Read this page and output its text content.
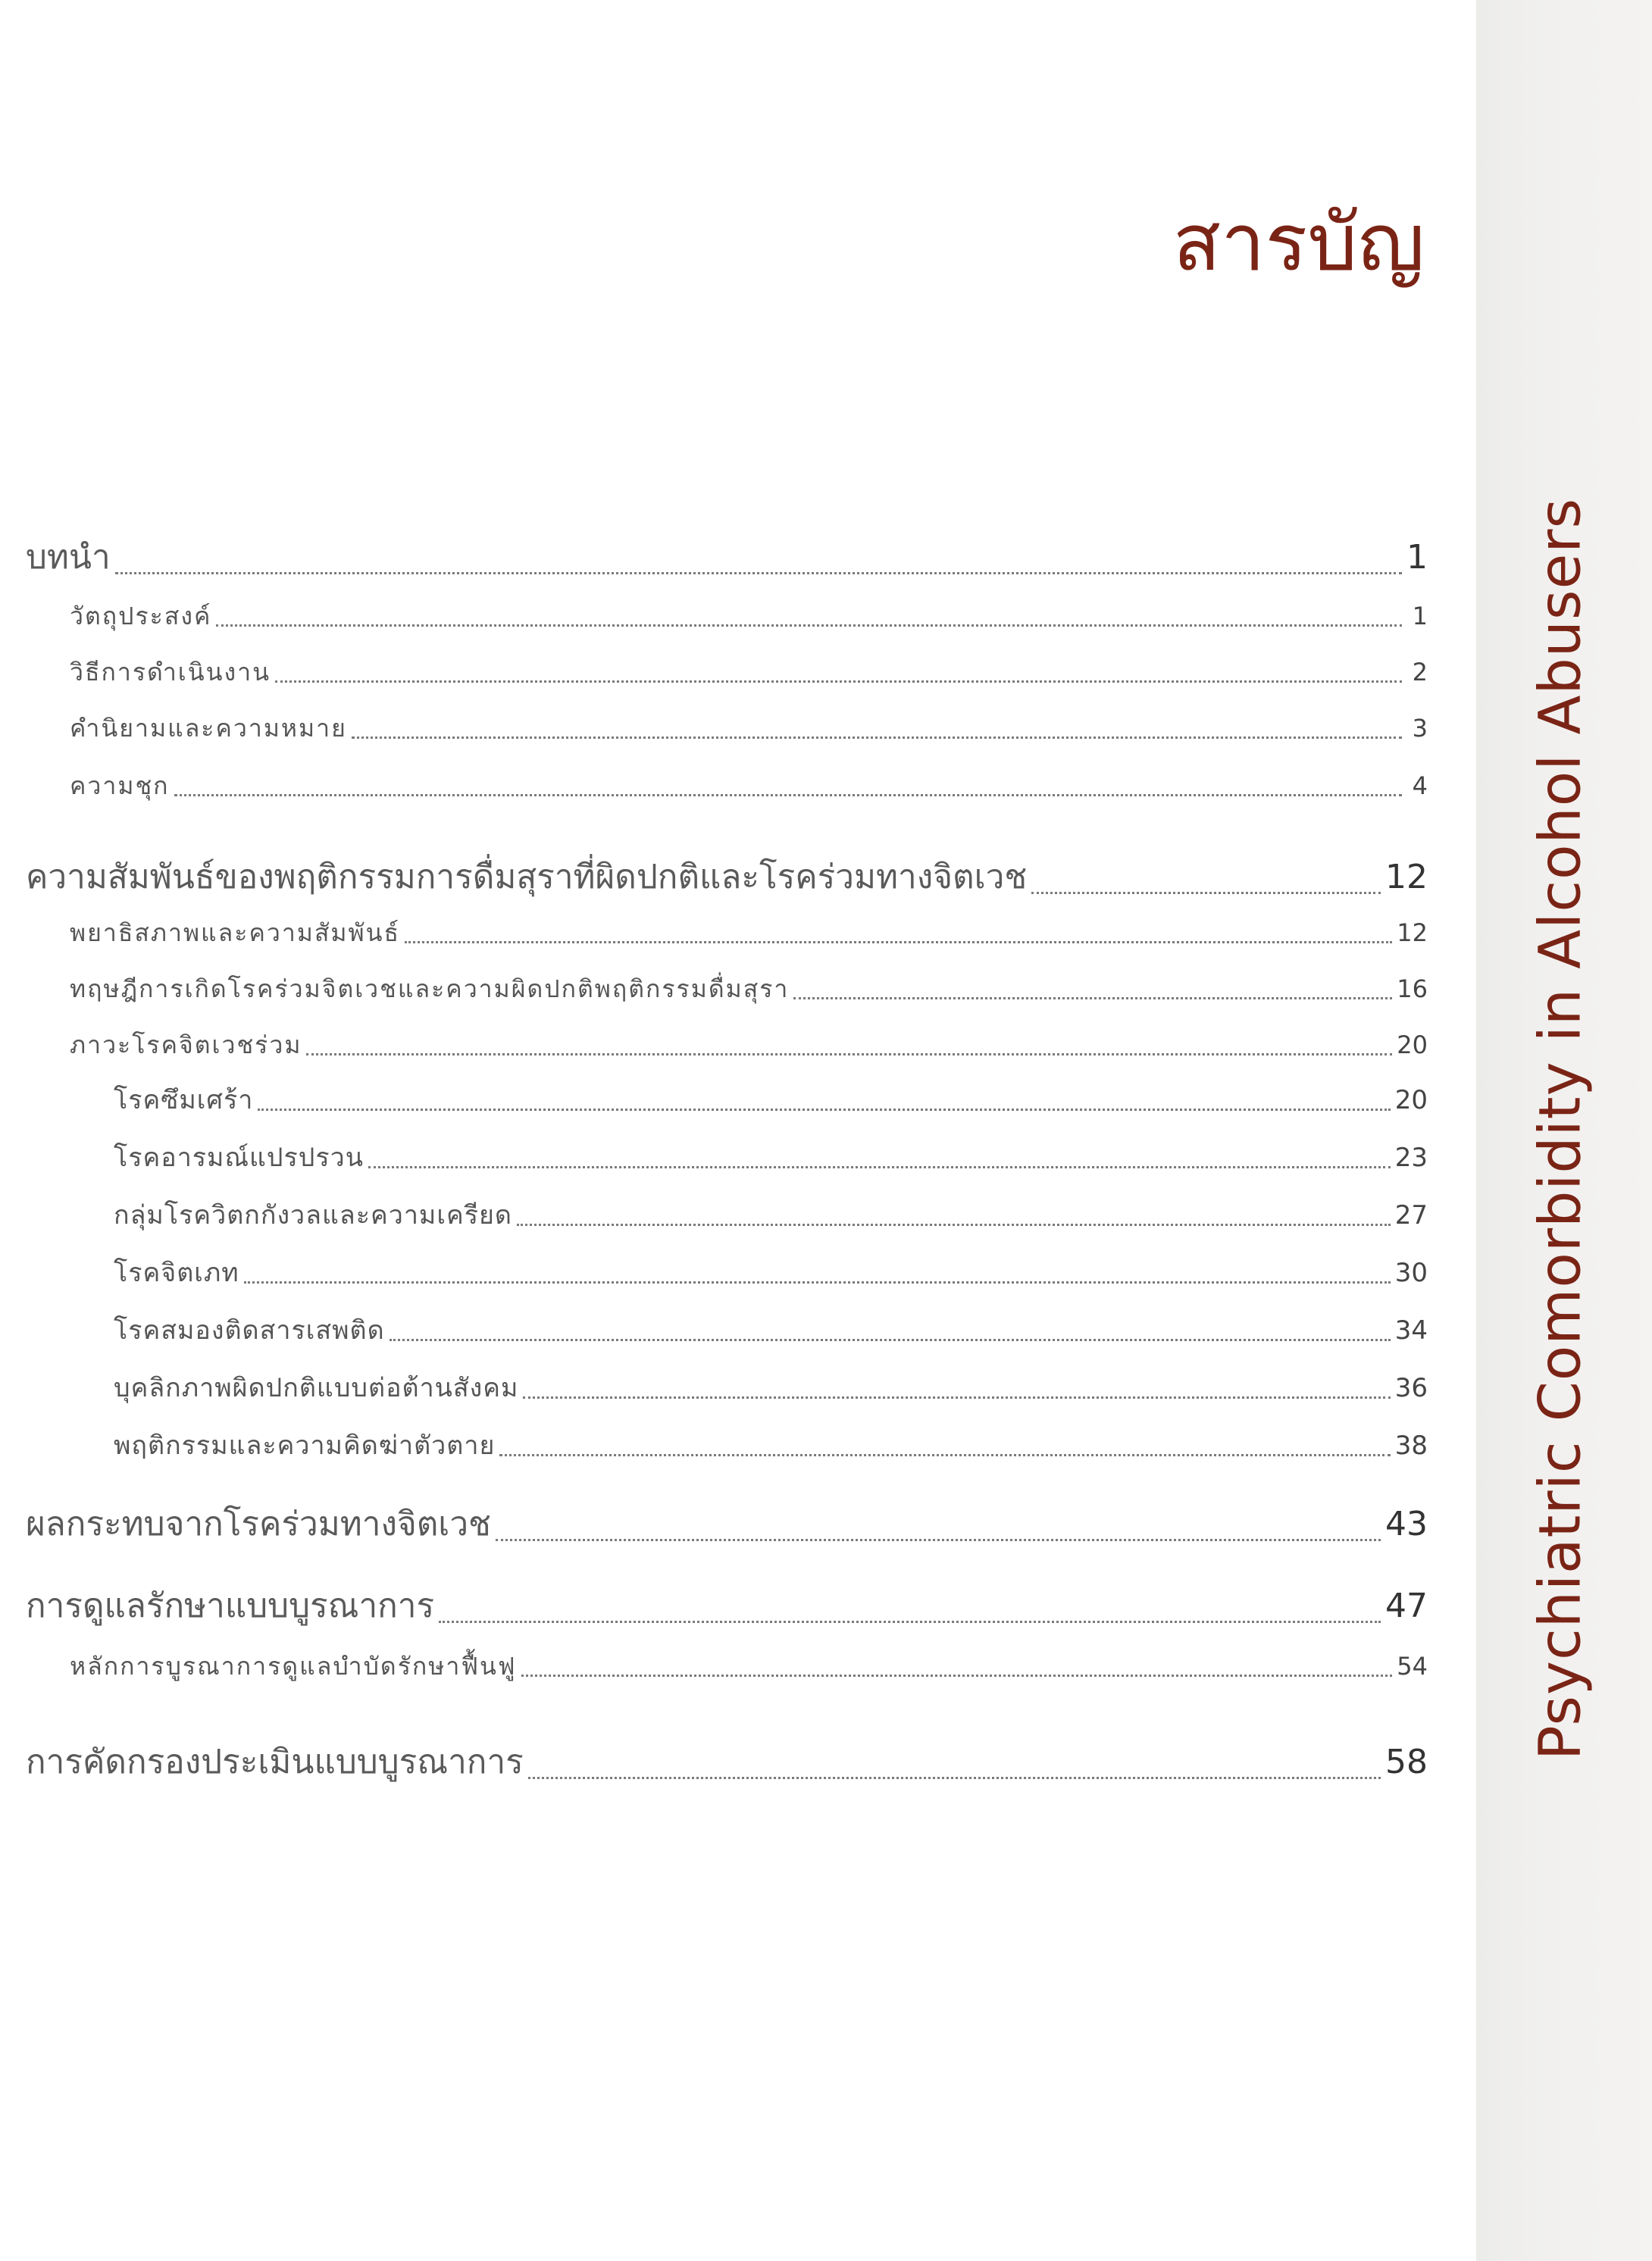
สารบัญ
บทนำ	1
วัตถุประสงค์	1
วิธีการดำเนินงาน	2
คำนิยามและความหมาย	3
ความชุก	4
ความสัมพันธ์ของพฤติกรรมการดื่มสุราที่ผิดปกติและโรคร่วมทางจิตเวช	12
พยาธิสภาพและความสัมพันธ์	12
ทฤษฎีการเกิดโรคร่วมจิตเวชและความผิดปกติพฤติกรรมดื่มสุรา	16
ภาวะโรคจิตเวชร่วม	20
โรคซึมเศร้า	20
โรคอารมณ์แปรปรวน	23
กลุ่มโรควิตกกังวลและความเครียด	27
โรคจิตเภท	30
โรคสมองติดสารเสพติด	34
บุคลิกภาพผิดปกติแบบต่อต้านสังคม	36
พฤติกรรมและความคิดฆ่าตัวตาย	38
ผลกระทบจากโรคร่วมทางจิตเวช	43
การดูแลรักษาแบบบูรณาการ	47
หลักการบูรณาการดูแลบำบัดรักษาฟื้นฟู	54
การคัดกรองประเมินแบบบูรณาการ	58
Psychiatric Comorbidity in Alcohol Abusers
